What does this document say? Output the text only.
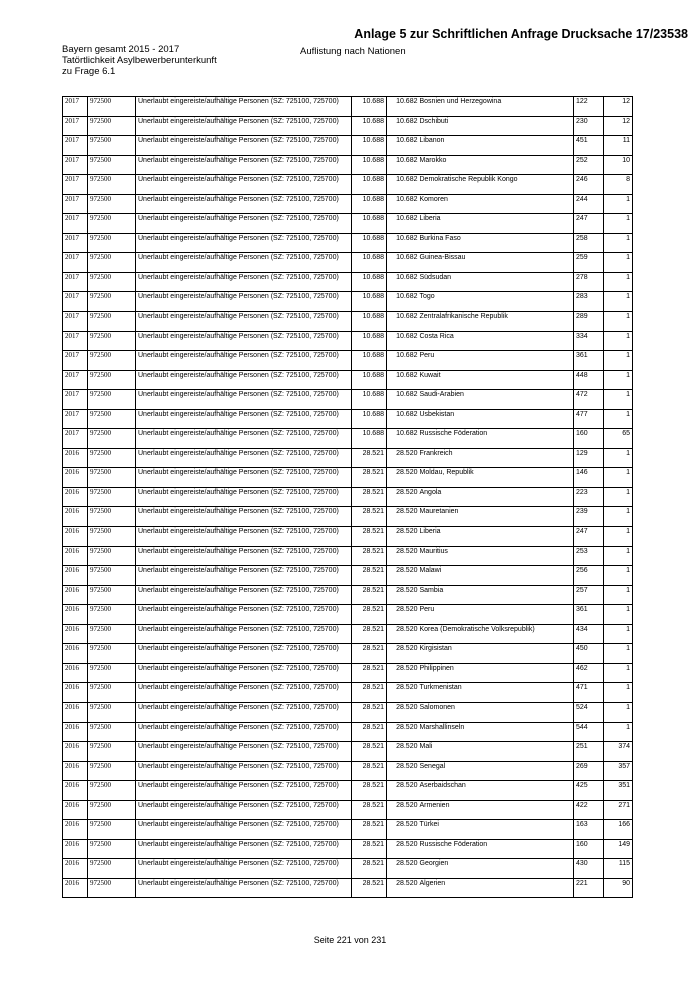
Anlage 5 zur Schriftlichen Anfrage Drucksache 17/23538
Bayern gesamt 2015 - 2017
Tatörtlichkeit Asylbewerberunterkunft
zu Frage 6.1
Auflistung nach Nationen
2017	972500	Unerlaubt eingereiste/aufhältige Personen (SZ: 725100, 725700)	10.688	10.682	Bosnien und Herzegowina	122	12
2017	972500	Unerlaubt eingereiste/aufhältige Personen (SZ: 725100, 725700)	10.688	10.682	Dschibuti	230	12
2017	972500	Unerlaubt eingereiste/aufhältige Personen (SZ: 725100, 725700)	10.688	10.682	Libanon	451	11
2017	972500	Unerlaubt eingereiste/aufhältige Personen (SZ: 725100, 725700)	10.688	10.682	Marokko	252	10
2017	972500	Unerlaubt eingereiste/aufhältige Personen (SZ: 725100, 725700)	10.688	10.682	Demokratische Republik Kongo	246	8
2017	972500	Unerlaubt eingereiste/aufhältige Personen (SZ: 725100, 725700)	10.688	10.682	Komoren	244	1
2017	972500	Unerlaubt eingereiste/aufhältige Personen (SZ: 725100, 725700)	10.688	10.682	Liberia	247	1
2017	972500	Unerlaubt eingereiste/aufhältige Personen (SZ: 725100, 725700)	10.688	10.682	Burkina Faso	258	1
2017	972500	Unerlaubt eingereiste/aufhältige Personen (SZ: 725100, 725700)	10.688	10.682	Guinea-Bissau	259	1
2017	972500	Unerlaubt eingereiste/aufhältige Personen (SZ: 725100, 725700)	10.688	10.682	Südsudan	278	1
2017	972500	Unerlaubt eingereiste/aufhältige Personen (SZ: 725100, 725700)	10.688	10.682	Togo	283	1
2017	972500	Unerlaubt eingereiste/aufhältige Personen (SZ: 725100, 725700)	10.688	10.682	Zentralafrikanische Republik	289	1
2017	972500	Unerlaubt eingereiste/aufhältige Personen (SZ: 725100, 725700)	10.688	10.682	Costa Rica	334	1
2017	972500	Unerlaubt eingereiste/aufhältige Personen (SZ: 725100, 725700)	10.688	10.682	Peru	361	1
2017	972500	Unerlaubt eingereiste/aufhältige Personen (SZ: 725100, 725700)	10.688	10.682	Kuwait	448	1
2017	972500	Unerlaubt eingereiste/aufhältige Personen (SZ: 725100, 725700)	10.688	10.682	Saudi-Arabien	472	1
2017	972500	Unerlaubt eingereiste/aufhältige Personen (SZ: 725100, 725700)	10.688	10.682	Usbekistan	477	1
2017	972500	Unerlaubt eingereiste/aufhältige Personen (SZ: 725100, 725700)	10.688	10.682	Russische Föderation	160	65
2016	972500	Unerlaubt eingereiste/aufhältige Personen (SZ: 725100, 725700)	28.521	28.520	Frankreich	129	1
2016	972500	Unerlaubt eingereiste/aufhältige Personen (SZ: 725100, 725700)	28.521	28.520	Moldau, Republik	146	1
2016	972500	Unerlaubt eingereiste/aufhältige Personen (SZ: 725100, 725700)	28.521	28.520	Angola	223	1
2016	972500	Unerlaubt eingereiste/aufhältige Personen (SZ: 725100, 725700)	28.521	28.520	Mauretanien	239	1
2016	972500	Unerlaubt eingereiste/aufhältige Personen (SZ: 725100, 725700)	28.521	28.520	Liberia	247	1
2016	972500	Unerlaubt eingereiste/aufhältige Personen (SZ: 725100, 725700)	28.521	28.520	Mauritius	253	1
2016	972500	Unerlaubt eingereiste/aufhältige Personen (SZ: 725100, 725700)	28.521	28.520	Malawi	256	1
2016	972500	Unerlaubt eingereiste/aufhältige Personen (SZ: 725100, 725700)	28.521	28.520	Sambia	257	1
2016	972500	Unerlaubt eingereiste/aufhältige Personen (SZ: 725100, 725700)	28.521	28.520	Peru	361	1
2016	972500	Unerlaubt eingereiste/aufhältige Personen (SZ: 725100, 725700)	28.521	28.520	Korea (Demokratische Volksrepublik)	434	1
2016	972500	Unerlaubt eingereiste/aufhältige Personen (SZ: 725100, 725700)	28.521	28.520	Kirgisistan	450	1
2016	972500	Unerlaubt eingereiste/aufhältige Personen (SZ: 725100, 725700)	28.521	28.520	Philippinen	462	1
2016	972500	Unerlaubt eingereiste/aufhältige Personen (SZ: 725100, 725700)	28.521	28.520	Turkmenistan	471	1
2016	972500	Unerlaubt eingereiste/aufhältige Personen (SZ: 725100, 725700)	28.521	28.520	Salomonen	524	1
2016	972500	Unerlaubt eingereiste/aufhältige Personen (SZ: 725100, 725700)	28.521	28.520	Marshallinseln	544	1
2016	972500	Unerlaubt eingereiste/aufhältige Personen (SZ: 725100, 725700)	28.521	28.520	Mali	251	374
2016	972500	Unerlaubt eingereiste/aufhältige Personen (SZ: 725100, 725700)	28.521	28.520	Senegal	269	357
2016	972500	Unerlaubt eingereiste/aufhältige Personen (SZ: 725100, 725700)	28.521	28.520	Aserbaidschan	425	351
2016	972500	Unerlaubt eingereiste/aufhältige Personen (SZ: 725100, 725700)	28.521	28.520	Armenien	422	271
2016	972500	Unerlaubt eingereiste/aufhältige Personen (SZ: 725100, 725700)	28.521	28.520	Türkei	163	166
2016	972500	Unerlaubt eingereiste/aufhältige Personen (SZ: 725100, 725700)	28.521	28.520	Russische Föderation	160	149
2016	972500	Unerlaubt eingereiste/aufhältige Personen (SZ: 725100, 725700)	28.521	28.520	Georgien	430	115
2016	972500	Unerlaubt eingereiste/aufhältige Personen (SZ: 725100, 725700)	28.521	28.520	Algerien	221	90
Seite 221 von 231
